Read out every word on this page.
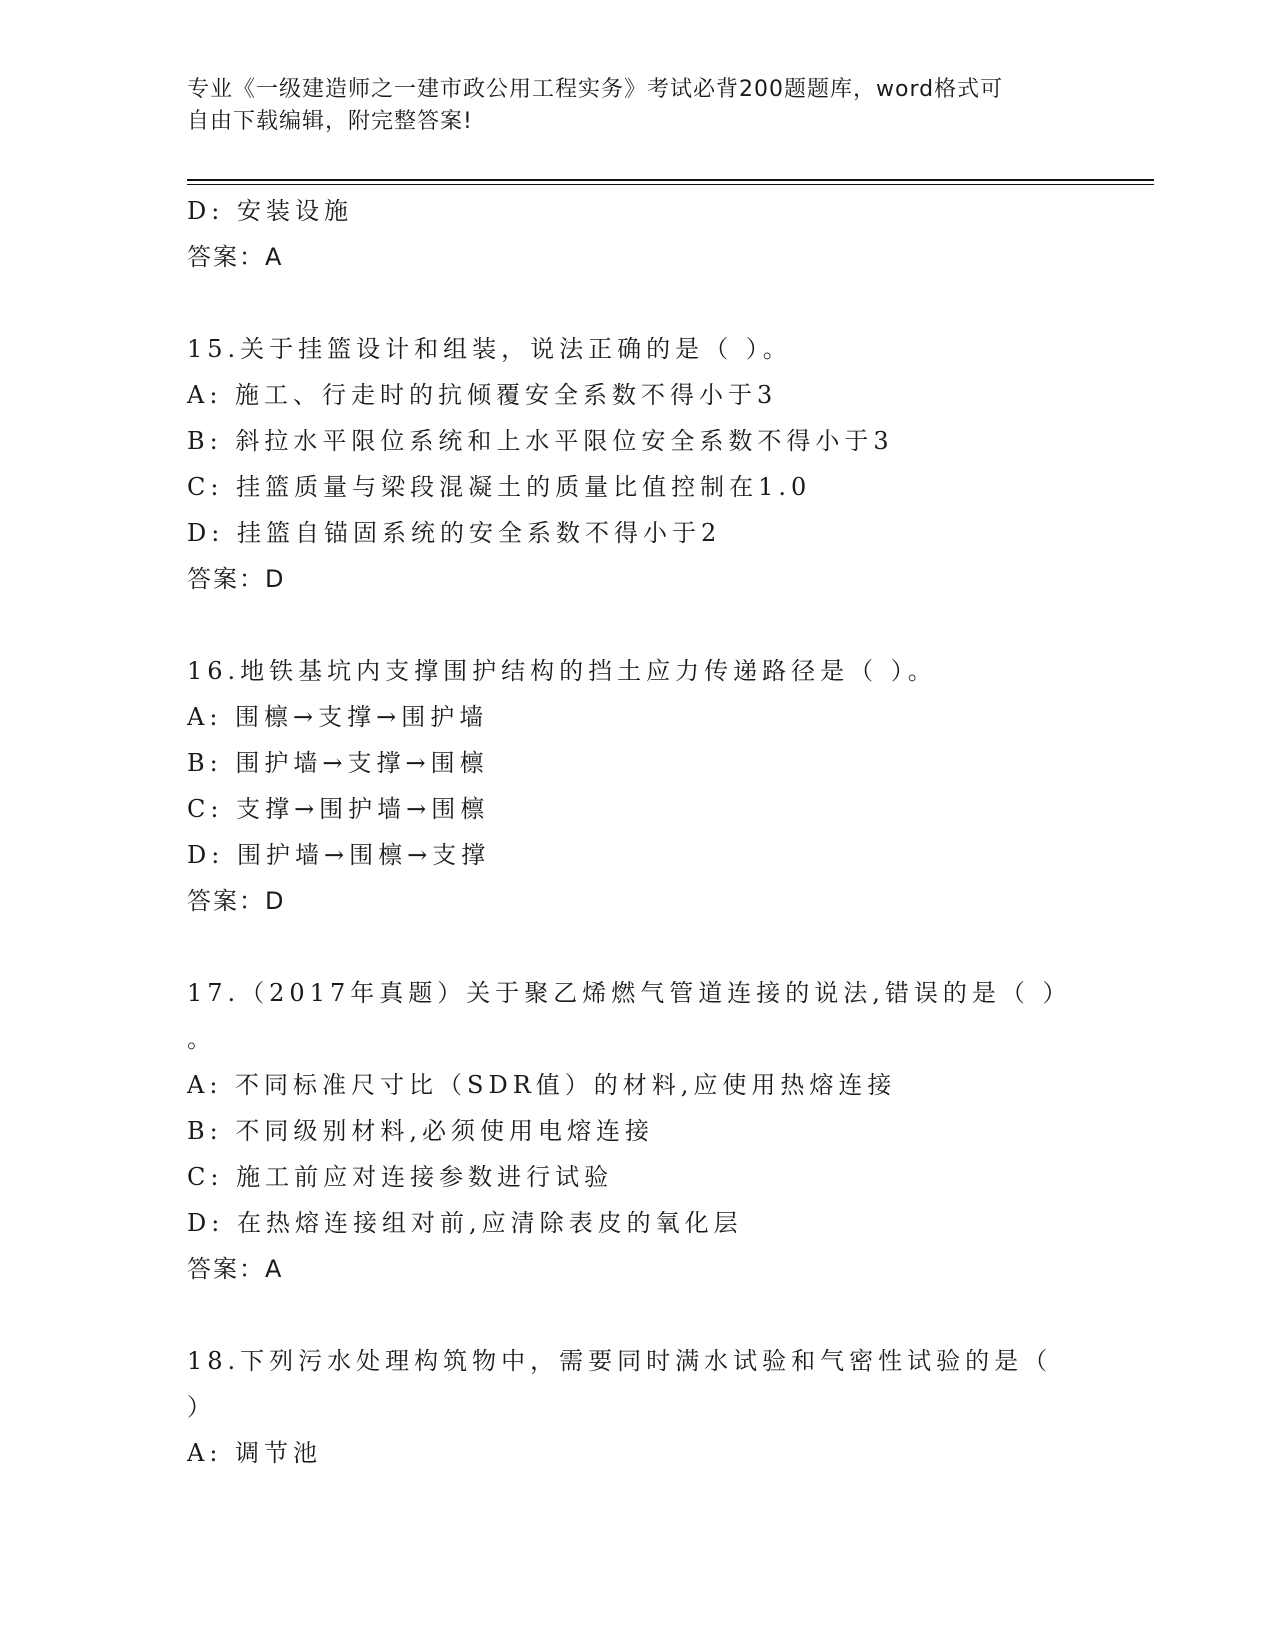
专业《一级建造师之一建市政公用工程实务》考试必背200题题库，word格式可
自由下载编辑，附完整答案!
D: 安装设施
答案：A
15.关于挂篮设计和组装，说法正确的是（ ）。
A: 施工、行走时的抗倾覆安全系数不得小于3
B: 斜拉水平限位系统和上水平限位安全系数不得小于3
C: 挂篮质量与梁段混凝土的质量比值控制在1.0
D: 挂篮自锚固系统的安全系数不得小于2
答案：D
16.地铁基坑内支撑围护结构的挡土应力传递路径是（ ）。
A: 围檩→支撑→围护墙
B: 围护墙→支撑→围檩
C: 支撑→围护墙→围檩
D: 围护墙→围檩→支撑
答案：D
17.（2017年真题）关于聚乙烯燃气管道连接的说法,错误的是（ ）
。
A: 不同标准尺寸比（SDR值）的材料,应使用热熔连接
B: 不同级别材料,必须使用电熔连接
C: 施工前应对连接参数进行试验
D: 在热熔连接组对前,应清除表皮的氧化层
答案：A
18.下列污水处理构筑物中，需要同时满水试验和气密性试验的是（
）
A: 调节池
